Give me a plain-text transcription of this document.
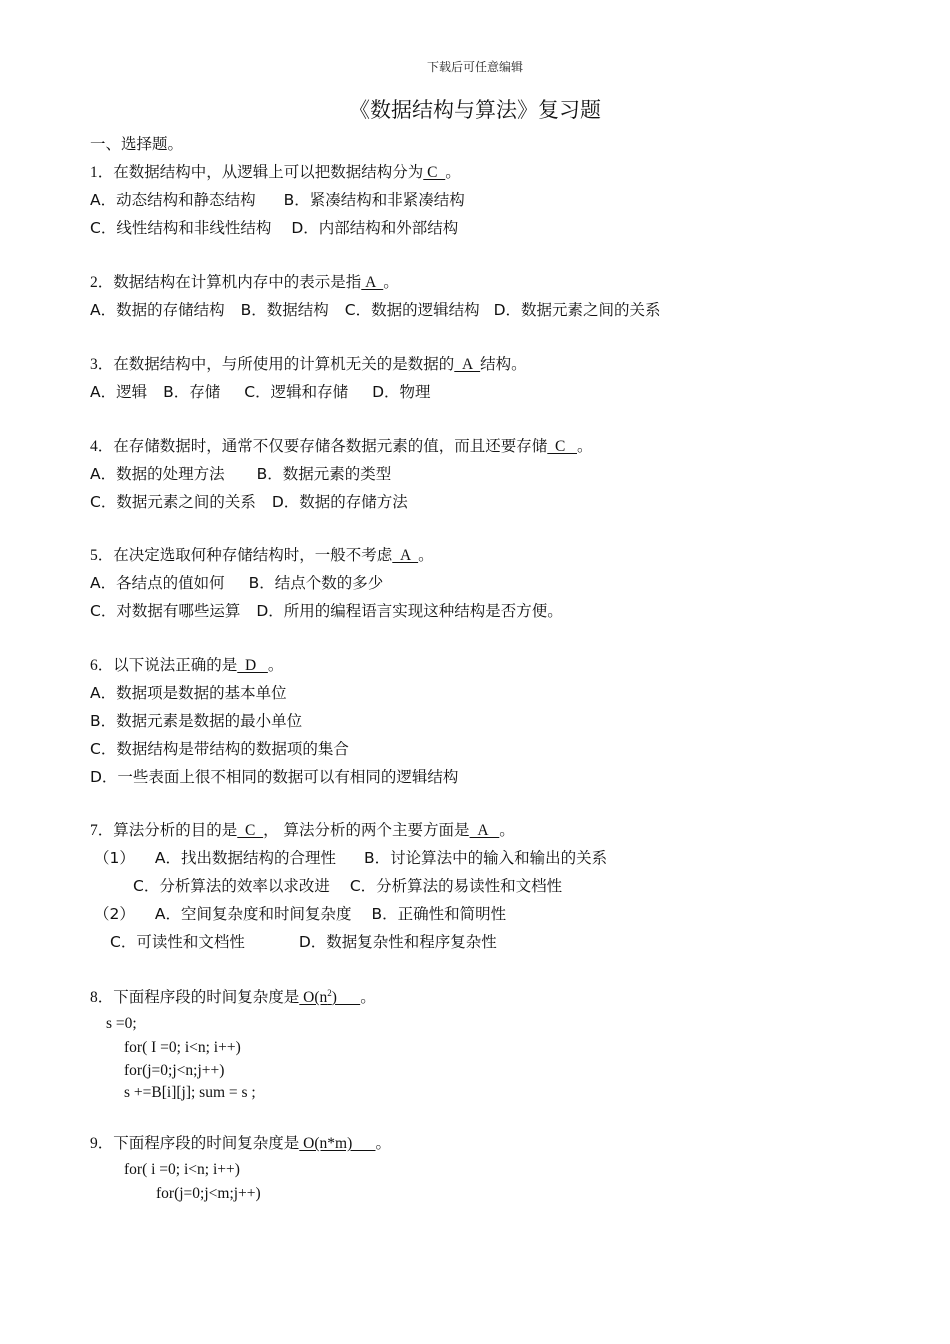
下载后可任意编辑
《数据结构与算法》复习题
一、选择题。
1．在数据结构中，从逻辑上可以把数据结构分为 C  。
A．动态结构和静态结构 B．紧凑结构和非紧凑结构
C．线性结构和非线性结构 D．内部结构和外部结构
2．数据结构在计算机内存中的表示是指 A  。
A．数据的存储结构 B．数据结构 C．数据的逻辑结构 D．数据元素之间的关系
3．在数据结构中，与所使用的计算机无关的是数据的  A  结构。
A．逻辑 B．存储 C．逻辑和存储 D．物理
4．在存储数据时，通常不仅要存储各数据元素的值，而且还要存储  C   。
A．数据的处理方法 B．数据元素的类型
C．数据元素之间的关系 D．数据的存储方法
5．在决定选取何种存储结构时，一般不考虑  A  。
A．各结点的值如何 B．结点个数的多少
C．对数据有哪些运算 D．所用的编程语言实现这种结构是否方便。
6．以下说法正确的是  D   。
A．数据项是数据的基本单位
B．数据元素是数据的最小单位
C．数据结构是带结构的数据项的集合
D．一些表面上很不相同的数据可以有相同的逻辑结构
7．算法分析的目的是  C  ， 算法分析的两个主要方面是  A   。
（1） A．找出数据结构的合理性 B．讨论算法中的输入和输出的关系
C．分析算法的效率以求改进 C．分析算法的易读性和文档性
（2） A．空间复杂度和时间复杂度 B．正确性和简明性
C．可读性和文档性	D．数据复杂性和程序复杂性
8．下面程序段的时间复杂度是 $O(n^2)$      。
s =0;
for( I =0; i<n; i++)
for(j=0;j<n;j++)
s +=B[i][j]; sum = s ;
9．下面程序段的时间复杂度是 O(n*m)      。
for( i =0; i<n; i++)
for(j=0;j<m;j++)
